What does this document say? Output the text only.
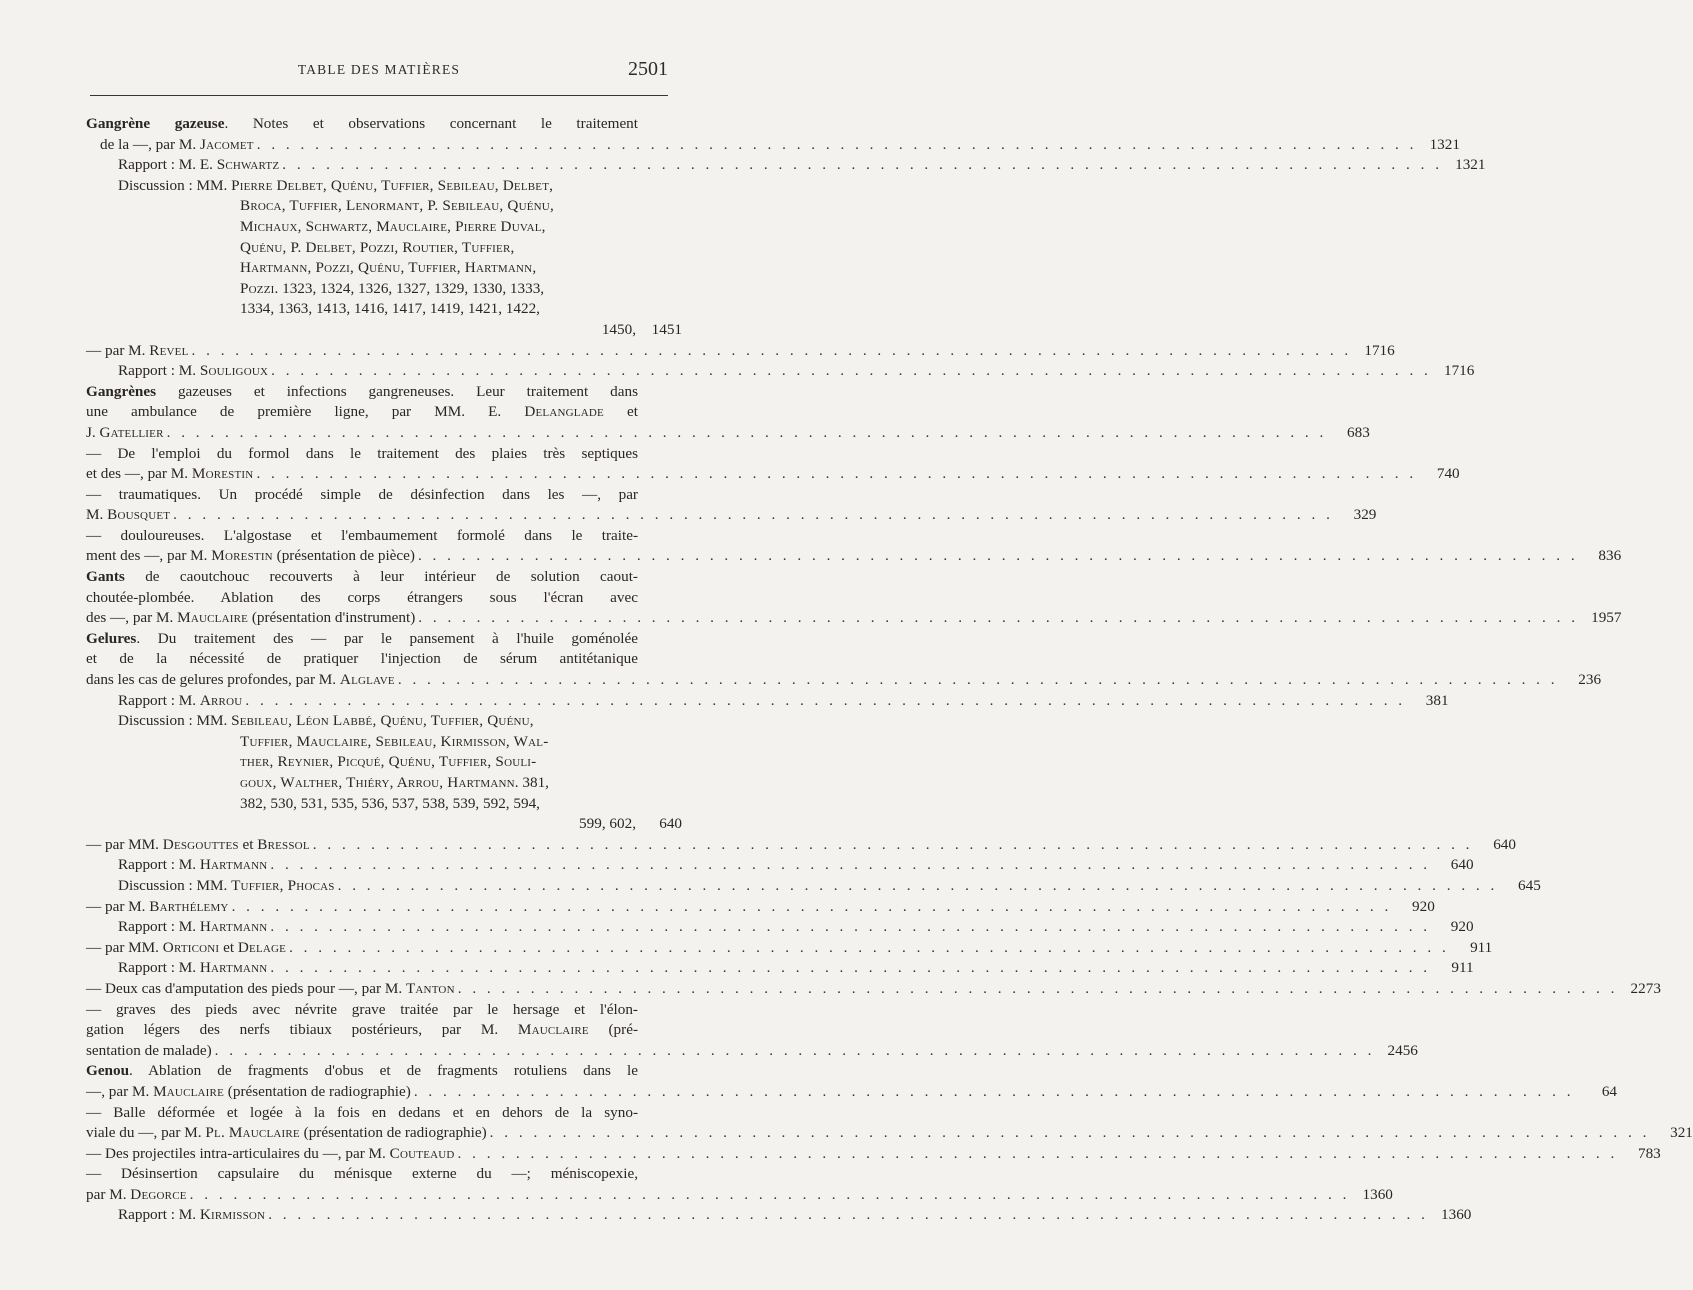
TABLE DES MATIÈRES	2501
Gangrène gazeuse. Notes et observations concernant le traitement
de la —, par M. Jacomet . . . . . . . . . . . . . . . . . . . . . . . . . . . . . . . . . . . . . . . . . . . . . . . . . . . . . . . . . . . . . . . . . . . . . . . . . . . . . . . . 1321
Rapport : M. E. Schwartz . . . . . . . . . . . . . . . . . . . . . . . . . . . . . . . . . . . . . . . . . . . . . . . . . . . . . . . . . . . . . . . . . . . . . . . . . . . . . . . . 1321
Discussion : MM. Pierre Delbet, Quénu, Tuffier, Sebileau, Delbet,
Broca, Tuffier, Lenormant, P. Sebileau, Quénu,
Michaux, Schwartz, Mauclaire, Pierre Duval,
Quénu, P. Delbet, Pozzi, Routier, Tuffier,
Hartmann, Pozzi, Quénu, Tuffier, Hartmann,
Pozzi. 1323, 1324, 1326, 1327, 1329, 1330, 1333,
1334, 1363, 1413, 1416, 1417, 1419, 1421, 1422,
1450,	1451
— par M. Revel . . . . . . . . . . . . . . . . . . . . . . . . . . . . . . . . . . . . . . . . . . . . . . . . . . . . . . . . . . . . . . . . . . . . . . . . . . . . . . . . 1716
Rapport : M. Souligoux . . . . . . . . . . . . . . . . . . . . . . . . . . . . . . . . . . . . . . . . . . . . . . . . . . . . . . . . . . . . . . . . . . . . . . . . . . . . . . . . 1716
Gangrènes gazeuses et infections gangreneuses. Leur traitement dans
une ambulance de première ligne, par MM. E. Delanglade et
J. Gatellier . . . . . . . . . . . . . . . . . . . . . . . . . . . . . . . . . . . . . . . . . . . . . . . . . . . . . . . . . . . . . . . . . . . . . . . . . . . . . . . .	683
— De l'emploi du formol dans le traitement des plaies très septiques
et des —, par M. Morestin . . . . . . . . . . . . . . . . . . . . . . . . . . . . . . . . . . . . . . . . . . . . . . . . . . . . . . . . . . . . . . . . . . . . . . . . . . . . . . . .	740
— traumatiques. Un procédé simple de désinfection dans les —, par
M. Bousquet . . . . . . . . . . . . . . . . . . . . . . . . . . . . . . . . . . . . . . . . . . . . . . . . . . . . . . . . . . . . . . . . . . . . . . . . . . . . . . . .	329
— douloureuses. L'algostase et l'embaumement formolé dans le traite-
ment des —, par M. Morestin (présentation de pièce) . . . . . . . . . . . . . . . . . . . . . . . . . . . . . . . . . . . . . . . . . . . . . . . . . . . . . . . . . . . . . . . . . . . . . . . . . . . . . . . .	836
Gants de caoutchouc recouverts à leur intérieur de solution caout-
choutée-plombée. Ablation des corps étrangers sous l'écran avec
des —, par M. Mauclaire (présentation d'instrument) . . . . . . . . . . . . . . . . . . . . . . . . . . . . . . . . . . . . . . . . . . . . . . . . . . . . . . . . . . . . . . . . . . . . . . . . . . . . . . . . 1957
Gelures. Du traitement des — par le pansement à l'huile goménolée
et de la nécessité de pratiquer l'injection de sérum antitétanique
dans les cas de gelures profondes, par M. Alglave . . . . . . . . . . . . . . . . . . . . . . . . . . . . . . . . . . . . . . . . . . . . . . . . . . . . . . . . . . . . . . . . . . . . . . . . . . . . . . . .	236
Rapport : M. Arrou . . . . . . . . . . . . . . . . . . . . . . . . . . . . . . . . . . . . . . . . . . . . . . . . . . . . . . . . . . . . . . . . . . . . . . . . . . . . . . . .	381
Discussion : MM. Sebileau, Léon Labbé, Quénu, Tuffier, Quénu,
Tuffier, Mauclaire, Sebileau, Kirmisson, Wal-
ther, Reynier, Picqué, Quénu, Tuffier, Souli-
goux, Walther, Thiéry, Arrou, Hartmann. 381,
382, 530, 531, 535, 536, 537, 538, 539, 592, 594,
599, 602,	640
— par MM. Desgouttes et Bressol . . . . . . . . . . . . . . . . . . . . . . . . . . . . . . . . . . . . . . . . . . . . . . . . . . . . . . . . . . . . . . . . . . . . . . . . . . . . . . . .	640
Rapport : M. Hartmann . . . . . . . . . . . . . . . . . . . . . . . . . . . . . . . . . . . . . . . . . . . . . . . . . . . . . . . . . . . . . . . . . . . . . . . . . . . . . . . .	640
Discussion : MM. Tuffier, Phocas . . . . . . . . . . . . . . . . . . . . . . . . . . . . . . . . . . . . . . . . . . . . . . . . . . . . . . . . . . . . . . . . . . . . . . . . . . . . . . . .	645
— par M. Barthélemy . . . . . . . . . . . . . . . . . . . . . . . . . . . . . . . . . . . . . . . . . . . . . . . . . . . . . . . . . . . . . . . . . . . . . . . . . . . . . . . .	920
Rapport : M. Hartmann . . . . . . . . . . . . . . . . . . . . . . . . . . . . . . . . . . . . . . . . . . . . . . . . . . . . . . . . . . . . . . . . . . . . . . . . . . . . . . . .	920
— par MM. Orticoni et Delage . . . . . . . . . . . . . . . . . . . . . . . . . . . . . . . . . . . . . . . . . . . . . . . . . . . . . . . . . . . . . . . . . . . . . . . . . . . . . . . .	911
Rapport : M. Hartmann . . . . . . . . . . . . . . . . . . . . . . . . . . . . . . . . . . . . . . . . . . . . . . . . . . . . . . . . . . . . . . . . . . . . . . . . . . . . . . . .	911
— Deux cas d'amputation des pieds pour —, par M. Tanton . . . . . . . . . . . . . . . . . . . . . . . . . . . . . . . . . . . . . . . . . . . . . . . . . . . . . . . . . . . . . . . . . . . . . . . . . . . . . . . . 2273
— graves des pieds avec névrite grave traitée par le hersage et l'élon-
gation légers des nerfs tibiaux postérieurs, par M. Mauclaire (pré-
sentation de malade) . . . . . . . . . . . . . . . . . . . . . . . . . . . . . . . . . . . . . . . . . . . . . . . . . . . . . . . . . . . . . . . . . . . . . . . . . . . . . . . . 2456
Genou. Ablation de fragments d'obus et de fragments rotuliens dans le
—, par M. Mauclaire (présentation de radiographie) . . . . . . . . . . . . . . . . . . . . . . . . . . . . . . . . . . . . . . . . . . . . . . . . . . . . . . . . . . . . . . . . . . . . . . . . . . . . . . . .	64
— Balle déformée et logée à la fois en dedans et en dehors de la syno-
viale du —, par M. Pl. Mauclaire (présentation de radiographie) . . . . . . . . . . . . . . . . . . . . . . . . . . . . . . . . . . . . . . . . . . . . . . . . . . . . . . . . . . . . . . . . . . . . . . . . . . . . . . . .	321
— Des projectiles intra-articulaires du —, par M. Couteaud . . . . . . . . . . . . . . . . . . . . . . . . . . . . . . . . . . . . . . . . . . . . . . . . . . . . . . . . . . . . . . . . . . . . . . . . . . . . . . . .	783
— Désinsertion capsulaire du ménisque externe du —; méniscopexie,
par M. Degorce . . . . . . . . . . . . . . . . . . . . . . . . . . . . . . . . . . . . . . . . . . . . . . . . . . . . . . . . . . . . . . . . . . . . . . . . . . . . . . . . 1360
Rapport : M. Kirmisson . . . . . . . . . . . . . . . . . . . . . . . . . . . . . . . . . . . . . . . . . . . . . . . . . . . . . . . . . . . . . . . . . . . . . . . . . . . . . . . . 1360
